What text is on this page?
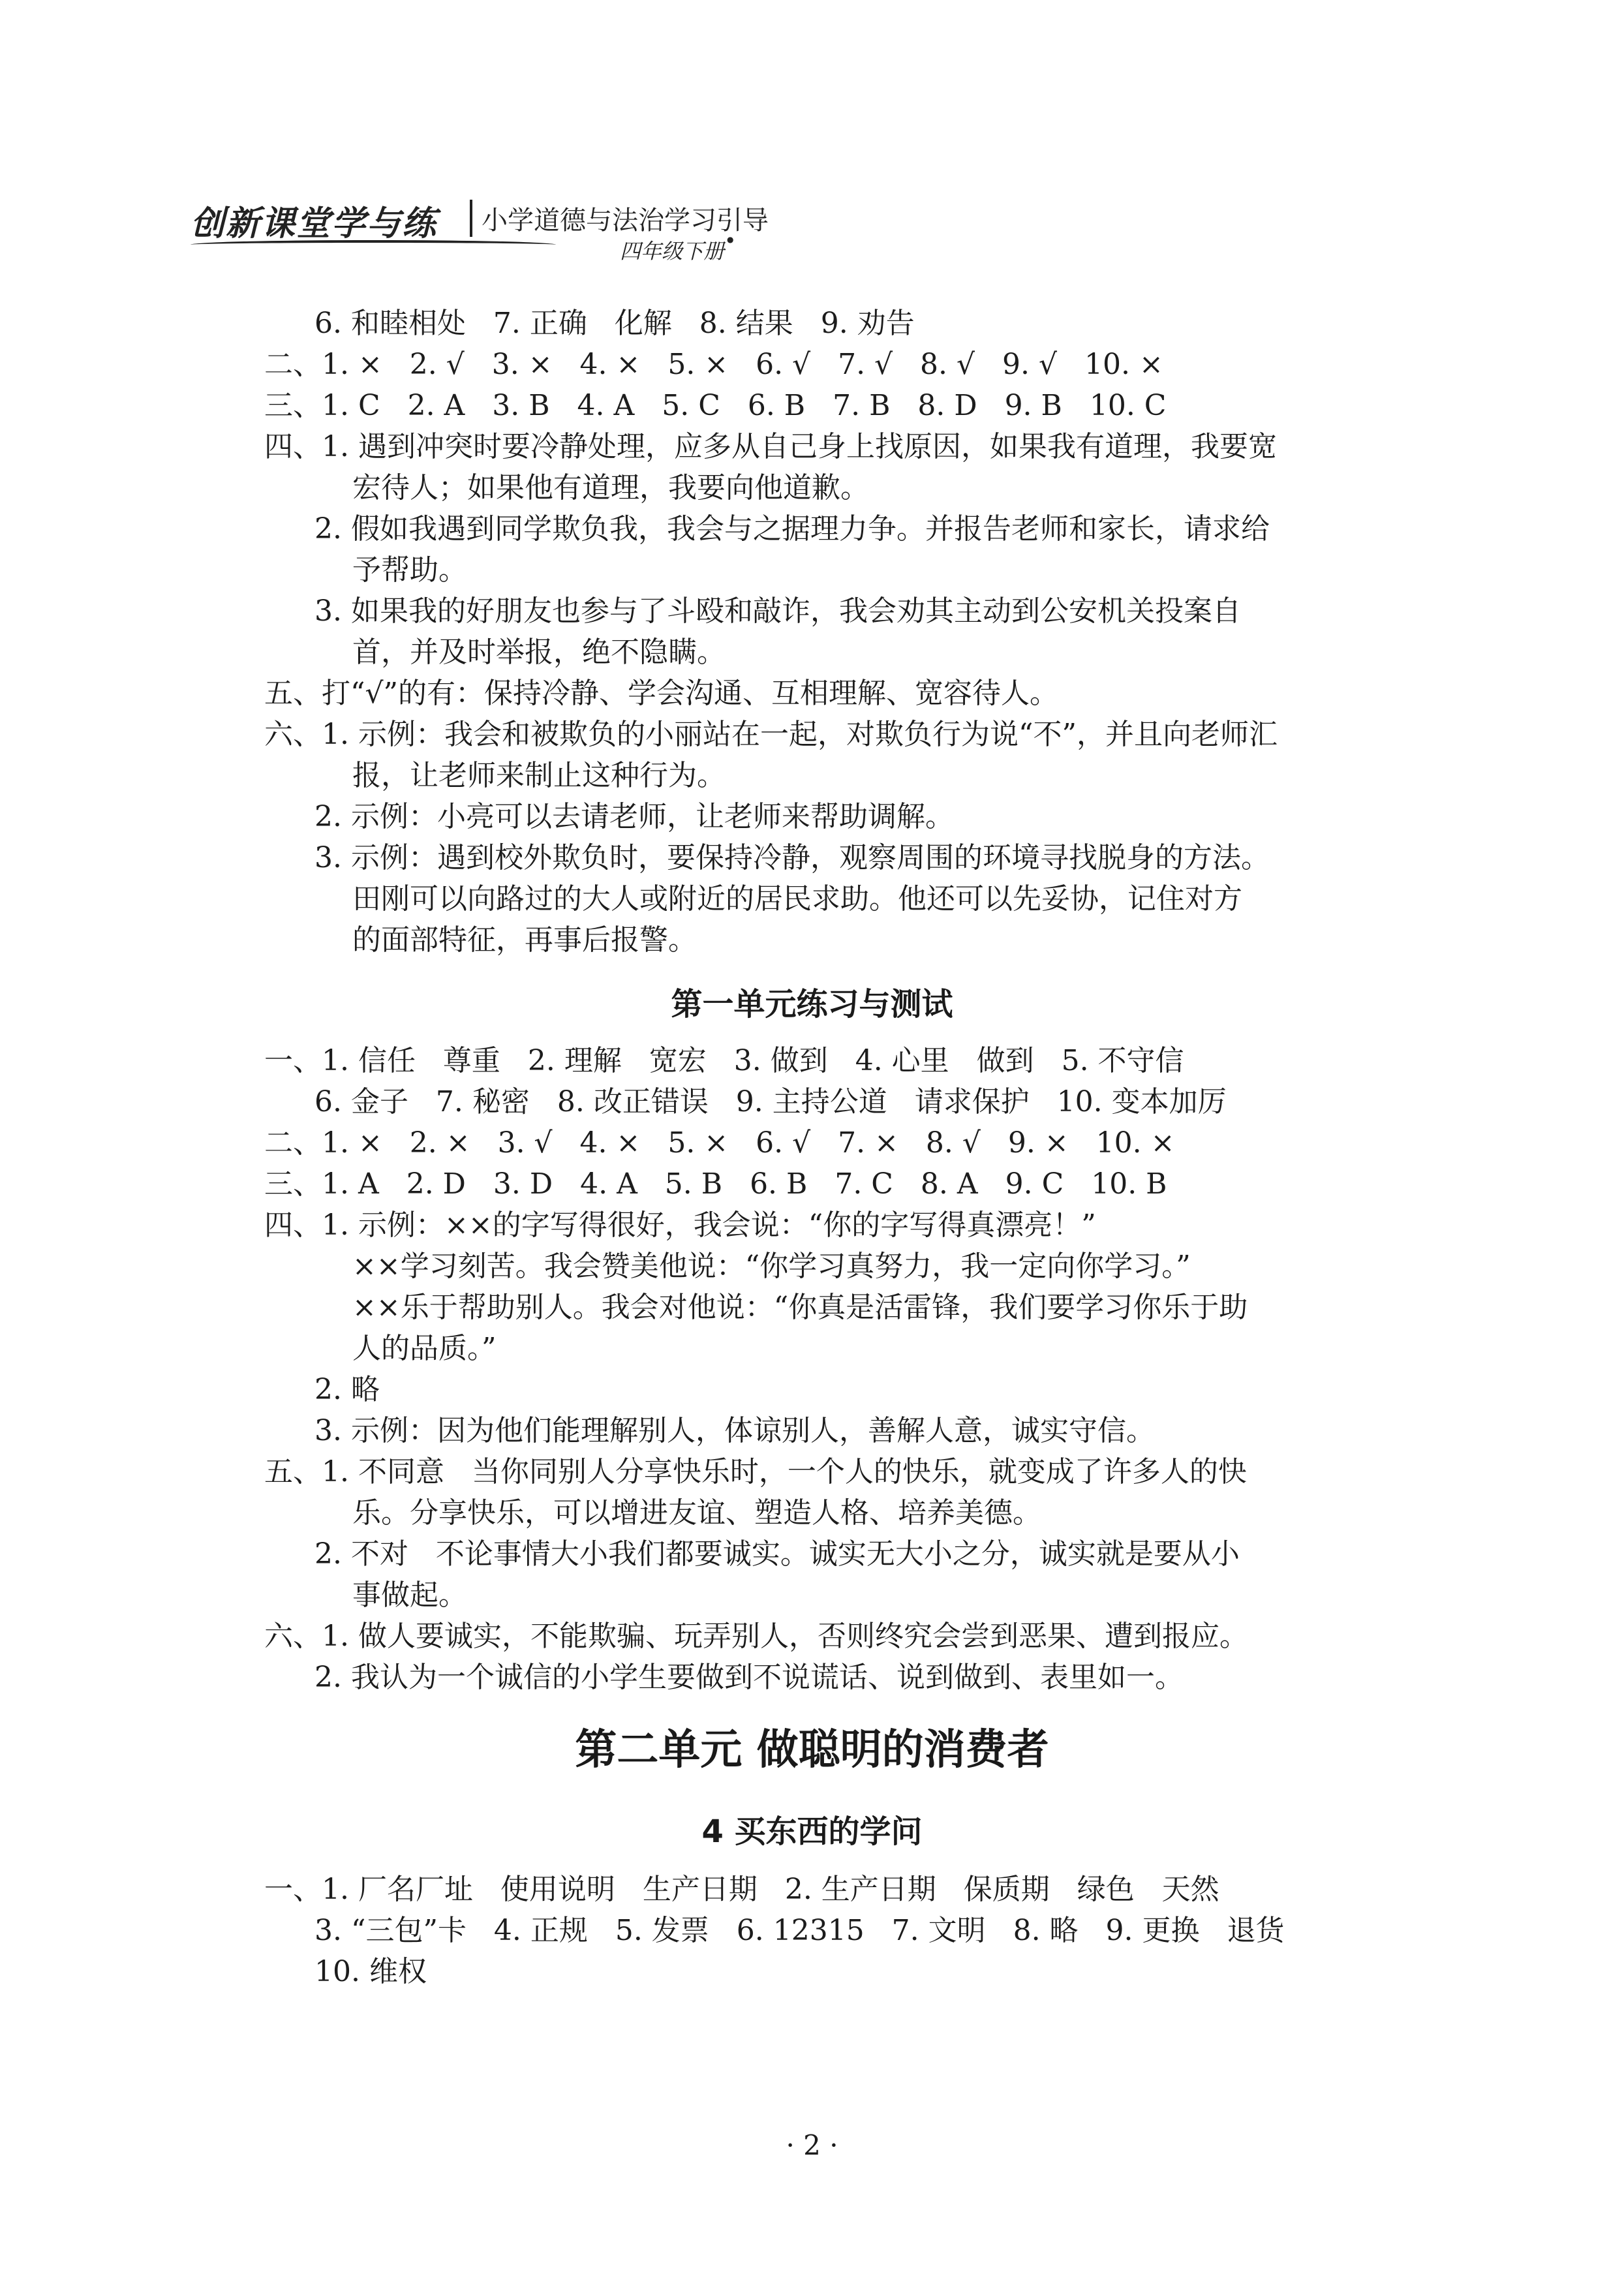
创新课堂学与练	小学道德与法治学习引导
四年级下册 ●
6. 和睦相处   7. 正确   化解   8. 结果   9. 劝告
二、1. ×   2. √   3. ×   4. ×   5. ×   6. √   7. √   8. √   9. √   10. ×
三、1. C   2. A   3. B   4. A   5. C   6. B   7. B   8. D   9. B   10. C
四、1. 遇到冲突时要冷静处理，应多从自己身上找原因，如果我有道理，我要宽
宏待人；如果他有道理，我要向他道歉。
2. 假如我遇到同学欺负我，我会与之据理力争。并报告老师和家长，请求给
予帮助。
3. 如果我的好朋友也参与了斗殴和敲诈，我会劝其主动到公安机关投案自
首，并及时举报，绝不隐瞒。
五、打“√”的有：保持冷静、学会沟通、互相理解、宽容待人。
六、1. 示例：我会和被欺负的小丽站在一起，对欺负行为说“不”，并且向老师汇
报，让老师来制止这种行为。
2. 示例：小亮可以去请老师，让老师来帮助调解。
3. 示例：遇到校外欺负时，要保持冷静，观察周围的环境寻找脱身的方法。
田刚可以向路过的大人或附近的居民求助。他还可以先妥协，记住对方
的面部特征，再事后报警。
第一单元练习与测试
一、1. 信任   尊重   2. 理解   宽宏   3. 做到   4. 心里   做到   5. 不守信
6. 金子   7. 秘密   8. 改正错误   9. 主持公道   请求保护   10. 变本加厉
二、1. ×   2. ×   3. √   4. ×   5. ×   6. √   7. ×   8. √   9. ×   10. ×
三、1. A   2. D   3. D   4. A   5. B   6. B   7. C   8. A   9. C   10. B
四、1. 示例：××的字写得很好，我会说：“你的字写得真漂亮！”
××学习刻苦。我会赞美他说：“你学习真努力，我一定向你学习。”
××乐于帮助别人。我会对他说：“你真是活雷锋，我们要学习你乐于助
人的品质。”
2. 略
3. 示例：因为他们能理解别人，体谅别人，善解人意，诚实守信。
五、1. 不同意   当你同别人分享快乐时，一个人的快乐，就变成了许多人的快
乐。分享快乐，可以增进友谊、塑造人格、培养美德。
2. 不对   不论事情大小我们都要诚实。诚实无大小之分，诚实就是要从小
事做起。
六、1. 做人要诚实，不能欺骗、玩弄别人，否则终究会尝到恶果、遭到报应。
2. 我认为一个诚信的小学生要做到不说谎话、说到做到、表里如一。
第二单元 做聪明的消费者
4 买东西的学问
一、1. 厂名厂址   使用说明   生产日期   2. 生产日期   保质期   绿色   天然
3. “三包”卡   4. 正规   5. 发票   6. 12315   7. 文明   8. 略   9. 更换   退货
10. 维权
· 2 ·
